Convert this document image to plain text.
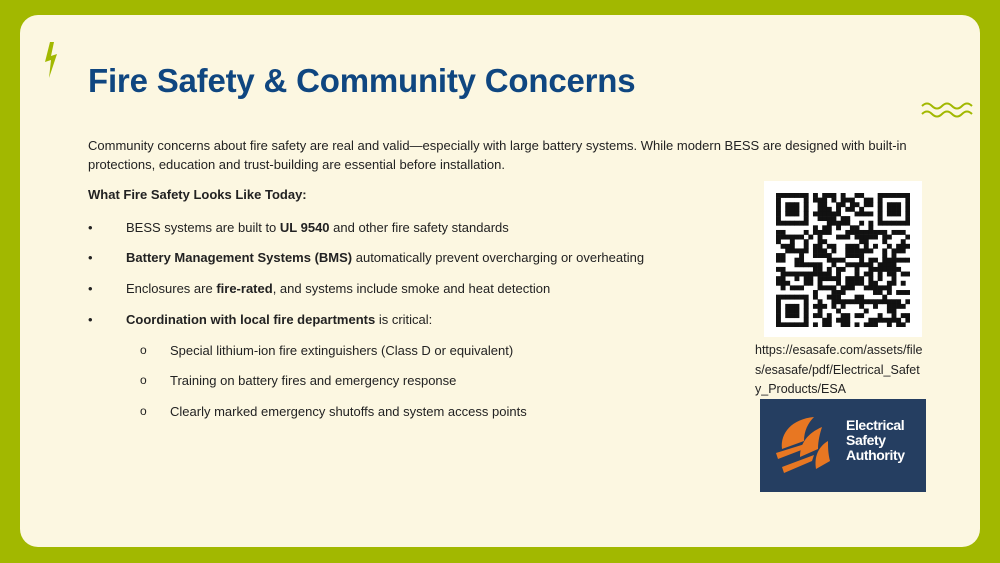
Fire Safety & Community Concerns
Community concerns about fire safety are real and valid—especially with large battery systems. While modern BESS are designed with built-in protections, education and trust-building are essential before installation.
What Fire Safety Looks Like Today:
•	BESS systems are built to UL 9540 and other fire safety standards
•	Battery Management Systems (BMS) automatically prevent overcharging or overheating
•	Enclosures are fire-rated, and systems include smoke and heat detection
•	Coordination with local fire departments is critical:
o Special lithium-ion fire extinguishers (Class D or equivalent)
o Training on battery fires and emergency response
o Clearly marked emergency shutoffs and system access points
https://esasafe.com/assets/files/esasafe/pdf/Electrical_Safety_Products/ESA
Electrical
Safety
Authority
